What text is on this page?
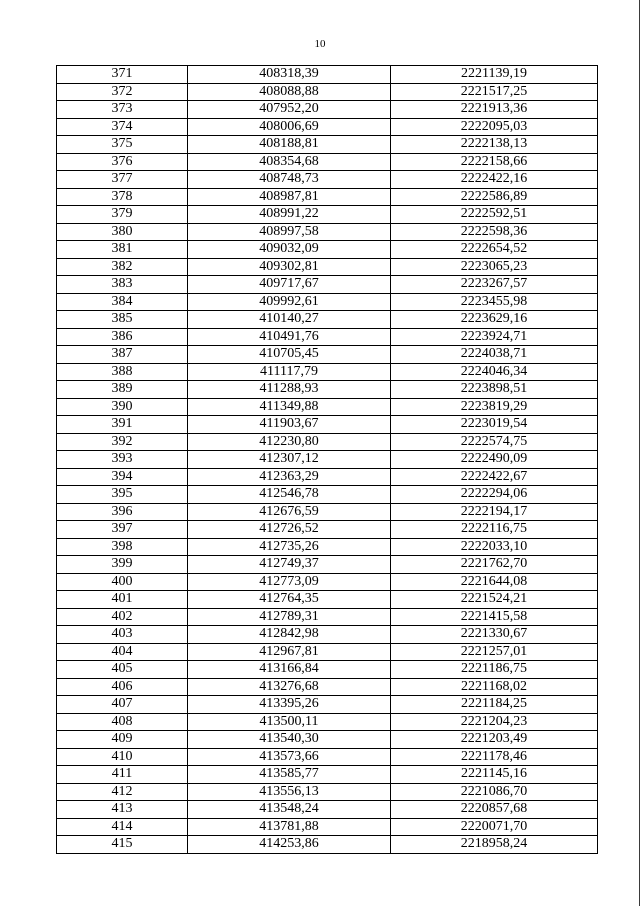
10
371	408318,39	2221139,19
372	408088,88	2221517,25
373	407952,20	2221913,36
374	408006,69	2222095,03
375	408188,81	2222138,13
376	408354,68	2222158,66
377	408748,73	2222422,16
378	408987,81	2222586,89
379	408991,22	2222592,51
380	408997,58	2222598,36
381	409032,09	2222654,52
382	409302,81	2223065,23
383	409717,67	2223267,57
384	409992,61	2223455,98
385	410140,27	2223629,16
386	410491,76	2223924,71
387	410705,45	2224038,71
388	411117,79	2224046,34
389	411288,93	2223898,51
390	411349,88	2223819,29
391	411903,67	2223019,54
392	412230,80	2222574,75
393	412307,12	2222490,09
394	412363,29	2222422,67
395	412546,78	2222294,06
396	412676,59	2222194,17
397	412726,52	2222116,75
398	412735,26	2222033,10
399	412749,37	2221762,70
400	412773,09	2221644,08
401	412764,35	2221524,21
402	412789,31	2221415,58
403	412842,98	2221330,67
404	412967,81	2221257,01
405	413166,84	2221186,75
406	413276,68	2221168,02
407	413395,26	2221184,25
408	413500,11	2221204,23
409	413540,30	2221203,49
410	413573,66	2221178,46
411	413585,77	2221145,16
412	413556,13	2221086,70
413	413548,24	2220857,68
414	413781,88	2220071,70
415	414253,86	2218958,24
